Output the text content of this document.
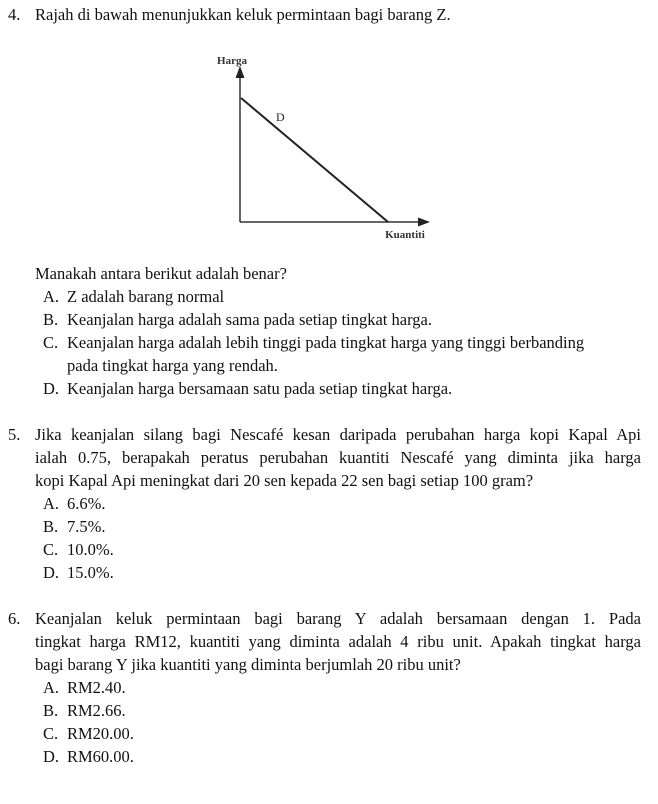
4. Rajah di bawah menunjukkan keluk permintaan bagi barang Z.
Harga
D
Kuantiti
Manakah antara berikut adalah benar?
A. Z adalah barang normal
B. Keanjalan harga adalah sama pada setiap tingkat harga.
C. Keanjalan harga adalah lebih tinggi pada tingkat harga yang tinggi berbanding
pada tingkat harga yang rendah.
D. Keanjalan harga bersamaan satu pada setiap tingkat harga.
5. Jika keanjalan silang bagi Nescafé kesan daripada perubahan harga kopi Kapal Api
ialah 0.75, berapakah peratus perubahan kuantiti Nescafé yang diminta jika harga
kopi Kapal Api meningkat dari 20 sen kepada 22 sen bagi setiap 100 gram?
A. 6.6%.
B. 7.5%.
C. 10.0%.
D. 15.0%.
6. Keanjalan keluk permintaan bagi barang Y adalah bersamaan dengan 1. Pada
tingkat harga RM12, kuantiti yang diminta adalah 4 ribu unit. Apakah tingkat harga
bagi barang Y jika kuantiti yang diminta berjumlah 20 ribu unit?
A. RM2.40.
B. RM2.66.
C. RM20.00.
D. RM60.00.
